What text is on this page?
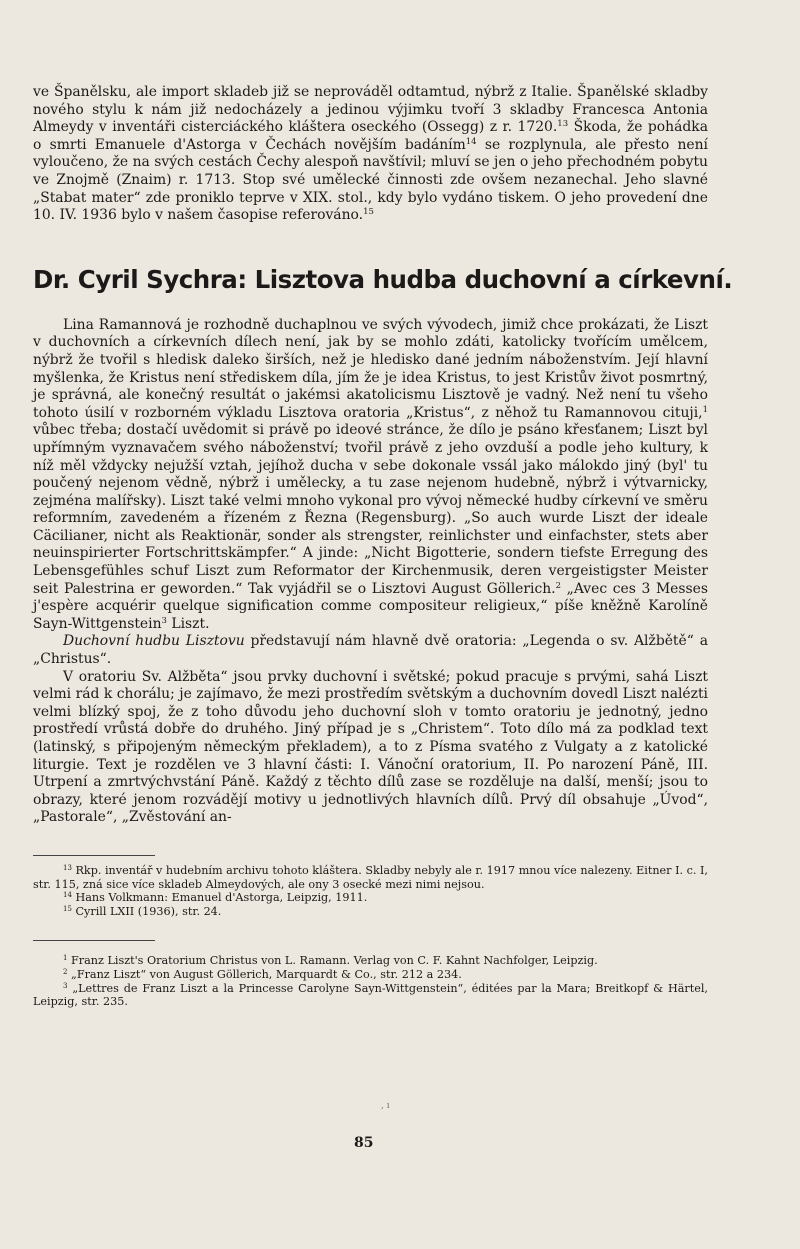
ve Španělsku, ale import skladeb již se neprováděl odtamtud, nýbrž z Italie. Španělské skladby nového stylu k nám již nedocházely a jedinou výjimku tvoří 3 skladby Francesca Antonia Almeydy v inventáři cisterciáckého kláštera oseckého (Ossegg) z r. 1720.13 Škoda, že pohádka o smrti Emanuele d'Astorga v Čechách novějším badáním$^{14}$ se rozplynula, ale přesto není vyloučeno, že na svých cestách Čechy alespoň navštívil; mluví se jen o jeho přechodném pobytu ve Znojmě (Znaim) r. 1713. Stop své umělecké činnosti zde ovšem nezanechal. Jeho slavné „Stabat mater“ zde proniklo teprve v XIX. stol., kdy bylo vydáno tiskem. O jeho provedení dne 10. IV. 1936 bylo v našem časopise referováno.$^{15}$

Dr. Cyril Sychra: Lisztova hudba duchovní a církevní.

Lina Ramannová je rozhodně duchaplnou ve svých vývodech, jimiž chce prokázati, že Liszt v duchovních a církevních dílech není, jak by se mohlo zdáti, katolicky tvořícím umělcem, nýbrž že tvořil s hledisk daleko širších, než je hledisko dané jedním náboženstvím. Její hlavní myšlenka, že Kristus není střediskem díla, jím že je idea Kristus, to jest Kristův život posmrtný, je správná, ale konečný resultát o jakémsi akatolicismu Lisztově je vadný. Než není tu všeho tohoto úsilí v rozborném výkladu Lisztova oratoria „Kristus“, z něhož tu Ramannovou cituji,$^1$ vůbec třeba; dostačí uvědomit si právě po ideové stránce, že dílo je psáno křesťanem; Liszt byl upřímným vyznavačem svého náboženství; tvořil právě z jeho ovzduší a podle jeho kultury, k níž měl vždycky nejužší vztah, jejíhož ducha v sebe dokonale vssál jako málokdo jiný (byl' tu poučený nejenom vědně, nýbrž i umělecky, a tu zase nejenom hudebně, nýbrž i výtvarnicky, zejména malířsky). Liszt také velmi mnoho vykonal pro vývoj německé hudby církevní ve směru reformním, zavedeném a řízeném z Řezna (Regensburg). „So auch wurde Liszt der ideale Cäcilianer, nicht als Reaktionär, sonder als strengster, reinlichster und einfachster, stets aber neuinspirierter Fortschrittskämpfer.“ A jinde: „Nicht Bigotterie, sondern tiefste Erregung des Lebensgefühles schuf Liszt zum Reformator der Kirchenmusik, deren vergeistigster Meister seit Palestrina er geworden.“ Tak vyjádřil se o Lisztovi August Göllerich.$^2$ „Avec ces 3 Messes j'espère acquérir quelque signification comme compositeur religieux,“ píše kněžně Karolíně Sayn-Wittgenstein$^3$ Liszt.

Duchovní hudbu Lisztovu představují nám hlavně dvě oratoria: „Legenda o sv. Alžbětě“ a „Christus“.

V oratoriu Sv. Alžběta“ jsou prvky duchovní i světské; pokud pracuje s prvými, sahá Liszt velmi rád k chorálu; je zajímavo, že mezi prostředím světským a duchovním dovedl Liszt nalézti velmi blízký spoj, že z toho důvodu jeho duchovní sloh v tomto oratoriu je jednotný, jedno prostředí vrůstá dobře do druhého. Jiný případ je s „Christem“. Toto dílo má za podklad text (latinský, s připojeným německým překladem), a to z Písma svatého z Vulgaty a z katolické liturgie. Text je rozdělen ve 3 hlavní části: I. Vánoční oratorium, II. Po narození Páně, III. Utrpení a zmrtvýchvstání Páně. Každý z těchto dílů zase se rozděluje na další, menší; jsou to obrazy, které jenom rozvádějí motivy u jednotlivých hlavních dílů. Prvý díl obsahuje „Úvod“, „Pastorale“, „Zvěstování an-

$^{13}$ Rkp. inventář v hudebním archivu tohoto kláštera. Skladby nebyly ale r. 1917 mnou více nalezeny. Eitner I. c. I, str. 115, zná sice více skladeb Almeydových, ale ony 3 osecké mezi nimi nejsou.

$^{14}$ Hans Volkmann: Emanuel d'Astorga, Leipzig, 1911.

$^{15}$ Cyrill LXII (1936), str. 24.

$^1$ Franz Liszt's Oratorium Christus von L. Ramann. Verlag von C. F. Kahnt Nachfolger, Leipzig.

$^2$ „Franz Liszt“ von August Göllerich, Marquardt & Co., str. 212 a 234.

$^3$ „Lettres de Franz Liszt a la Princesse Carolyne Sayn-Wittgenstein“, éditées par la Mara; Breitkopf & Härtel, Leipzig, str. 235.

, ı
85
